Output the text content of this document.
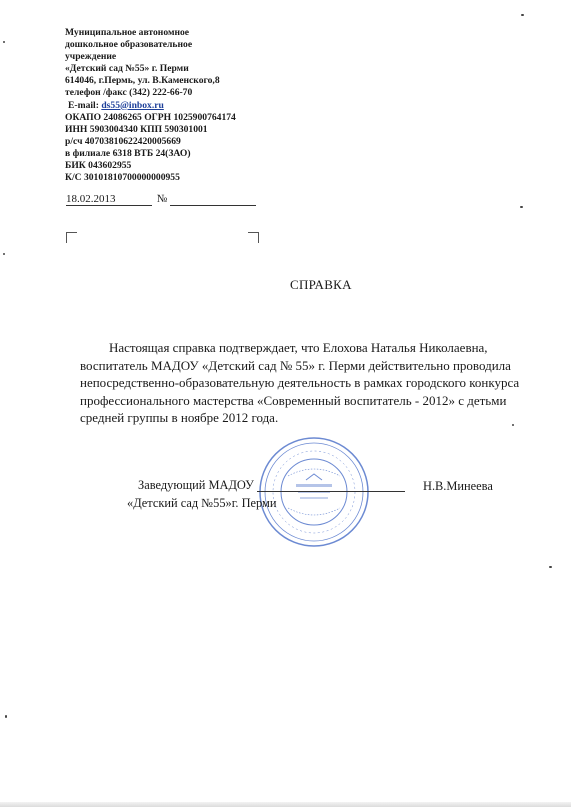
Муниципальное автономное
дошкольное образовательное
учреждение
«Детский сад №55» г. Перми
614046, г.Пермь, ул. В.Каменского,8
телефон /факс (342) 222-66-70
E-mail: ds55@inbox.ru
ОКАПО 24086265 ОГРН 1025900764174
ИНН 5903004340 КПП 590301001
р/сч 40703810622420005669
в филиале 6318 ВТБ 24(ЗАО)
БИК 043602955
К/С 30101810700000000955
18.02.2013	№
СПРАВКА
Настоящая справка подтверждает, что Елохова Наталья Николаевна,
воспитатель МАДОУ «Детский сад № 55» г. Перми действительно проводила
непосредственно-образовательную деятельность в рамках городского конкурса
профессионального мастерства «Современный воспитатель - 2012» с детьми
средней группы в ноябре 2012 года.
Заведующий МАДОУ
«Детский сад №55»г. Перми
Н.В.Минеева
